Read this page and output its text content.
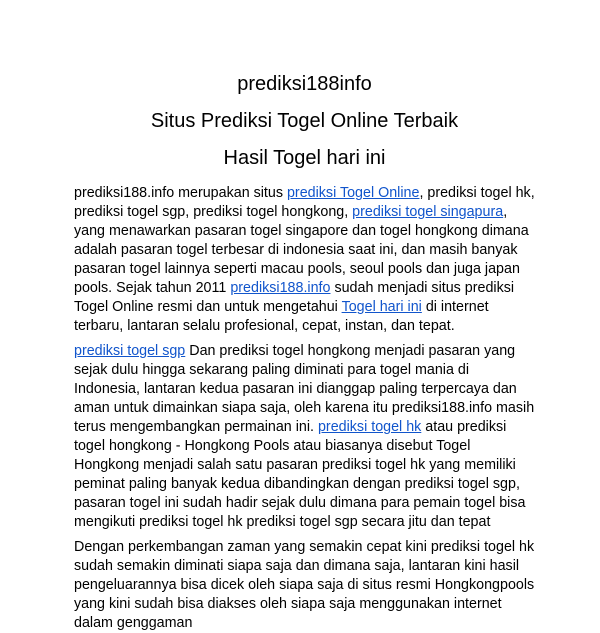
prediksi188info
Situs Prediksi Togel Online Terbaik
Hasil Togel hari ini

prediksi188.info merupakan situs prediksi Togel Online, prediksi togel hk, prediksi togel sgp, prediksi togel hongkong, prediksi togel singapura, yang menawarkan pasaran togel singapore dan togel hongkong dimana adalah pasaran togel terbesar di indonesia saat ini, dan masih banyak pasaran togel lainnya seperti macau pools, seoul pools dan juga japan pools. Sejak tahun 2011 prediksi188.info sudah menjadi situs prediksi Togel Online resmi dan untuk mengetahui Togel hari ini di internet terbaru, lantaran selalu profesional, cepat, instan, dan tepat.

prediksi togel sgp Dan prediksi togel hongkong menjadi pasaran yang sejak dulu hingga sekarang paling diminati para togel mania di Indonesia, lantaran kedua pasaran ini dianggap paling terpercaya dan aman untuk dimainkan siapa saja, oleh karena itu prediksi188.info masih terus mengembangkan permainan ini. prediksi togel hk atau prediksi togel hongkong - Hongkong Pools atau biasanya disebut Togel Hongkong menjadi salah satu pasaran prediksi togel hk yang memiliki peminat paling banyak kedua dibandingkan dengan prediksi togel sgp, pasaran togel ini sudah hadir sejak dulu dimana para pemain togel bisa mengikuti prediksi togel hk prediksi togel sgp secara jitu dan tepat

Dengan perkembangan zaman yang semakin cepat kini prediksi togel hk sudah semakin diminati siapa saja dan dimana saja, lantaran kini hasil pengeluarannya bisa dicek oleh siapa saja di situs resmi Hongkongpools yang kini sudah bisa diakses oleh siapa saja menggunakan internet dalam genggaman
